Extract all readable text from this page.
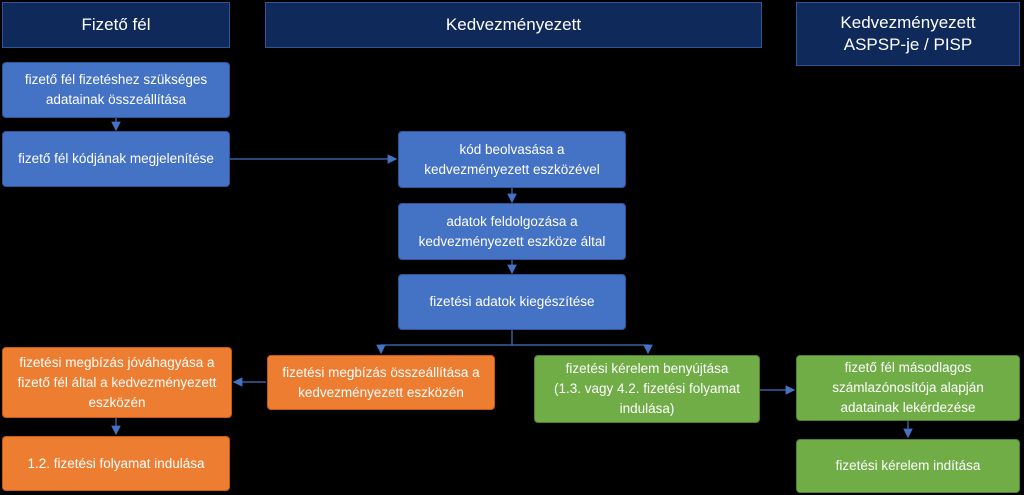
Fizető fél	Kedvezményezett	Kedvezményezett
ASPSP-je / PISP
fizető fél fizetéshez szükséges
adatainak összeállítása
fizető fél kódjának megjelenítése
kód beolvasása a
kedvezményezett eszközével
adatok feldolgozása a
kedvezményezett eszköze által
fizetési adatok kiegészítése
fizetési megbízás jóváhagyása a
fizető fél által a kedvezményezett
eszközén
1.2. fizetési folyamat indulása
fizetési megbízás összeállítása a
kedvezményezett eszközén
fizetési kérelem benyújtása
(1.3. vagy 4.2. fizetési folyamat
indulása)
fizető fél másodlagos
számlazónosítója alapján
adatainak lekérdezése
fizetési kérelem indítása
